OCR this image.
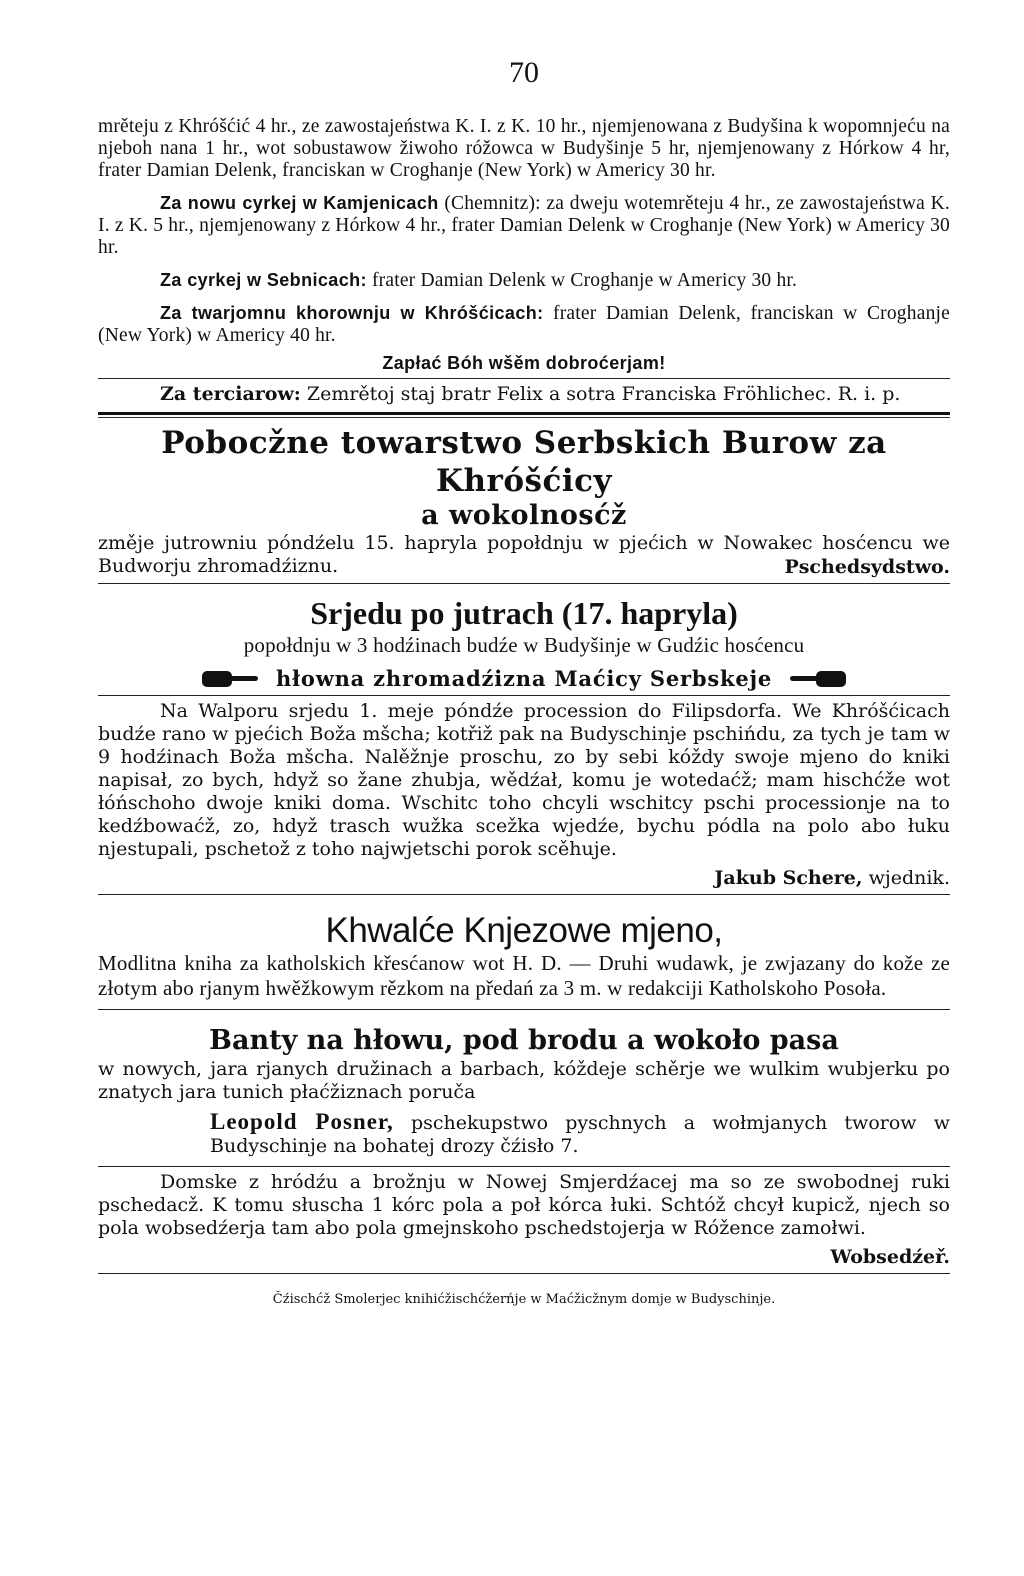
70

mrěteju z Khróšćić 4 hr., ze zawostajeństwa K. I. z K. 10 hr., njemjenowana z Budyšina k wopomnjeću na njeboh nana 1 hr., wot sobustawow žiwoho róžowca w Budyšinje 5 hr, njemjenowany z Hórkow 4 hr, frater Damian Delenk, franciskan w Croghanje (New York) w Americy 30 hr.

Za nowu cyrkej w Kamjenicach (Chemnitz): za dweju wotemrěteju 4 hr., ze zawostajeństwa K. I. z K. 5 hr., njemjenowany z Hórkow 4 hr., frater Damian Delenk w Croghanje (New York) w Americy 30 hr.

Za cyrkej w Sebnicach: frater Damian Delenk w Croghanje w Americy 30 hr.

Za twarjomnu khorownju w Khróšćicach: frater Damian Delenk, franciskan w Croghanje (New York) w Americy 40 hr.

Zapłać Bóh wšěm dobroćerjam!

Za terciarow: Zemrětoj staj bratr Felix a sotra Franciska Fröhlichec. R. i. p.

Pobocžne towarstwo Serbskich Burow za Khróšćicy
a wokolnosćž

změje jutrowniu póndźelu 15. hapryla popołdnju w pjećich w Nowakec hosćencu we Budworju zhromadźiznu.	Pschedsydstwo.

Srjedu po jutrach (17. hapryla)

popołdnju w 3 hodźinach budźe w Budyšinje w Gudźic hosćencu

hłowna zhromadźizna Maćicy Serbskeje

Na Walporu srjedu 1. meje póndźe procession do Filipsdorfa. We Khróšćicach budźe rano w pjećich Boža mšcha; kotřiž pak na Budyschinje pschińdu, za tych je tam w 9 hodźinach Boža mšcha. Nalěžnje proschu, zo by sebi kóždy swoje mjeno do kniki napisał, zo bych, hdyž so žane zhubja, wědźał, komu je wotedaćž; mam hischćže wot łóńschoho dwoje kniki doma. Wschitc toho chcyli wschitcy pschi processionje na to kedźbowaćž, zo, hdyž trasch wužka scežka wjedźe, bychu pódla na polo abo łuku njestupali, pschetož z toho najwjetschi porok scěhuje.

Jakub Schere, wjednik.

Khwalće Knjezowe mjeno,

Modlitna kniha za katholskich křesćanow wot H. D. — Druhi wudawk, je zwjazany do kože ze złotym abo rjanym hwěžkowym rězkom na předań za 3 m. w redakciji Katholskoho Posoła.

Banty na hłowu, pod brodu a wokoło pasa

w nowych, jara rjanych družinach a barbach, kóždeje schěrje we wulkim wubjerku po znatych jara tunich płaćžiznach poruča

Leopold Posner, pschekupstwo pyschnych a wołmjanych tworow w Budyschinje na bohatej drozy čźisło 7.

Domske z hródźu a brožnju w Nowej Smjerdźacej ma so ze swobodnej ruki pschedacž. K tomu słuscha 1 kórc pola a poł kórca łuki. Schtóž chcył kupicž, njech so pola wobsedźerja tam abo pola gmejnskoho pschedstojerja w Róžence zamołwi.

Wobsedźeř.

Čźischćž Smolerjec knihićžischćžerńje w Maćžicžnym domje w Budyschinje.
